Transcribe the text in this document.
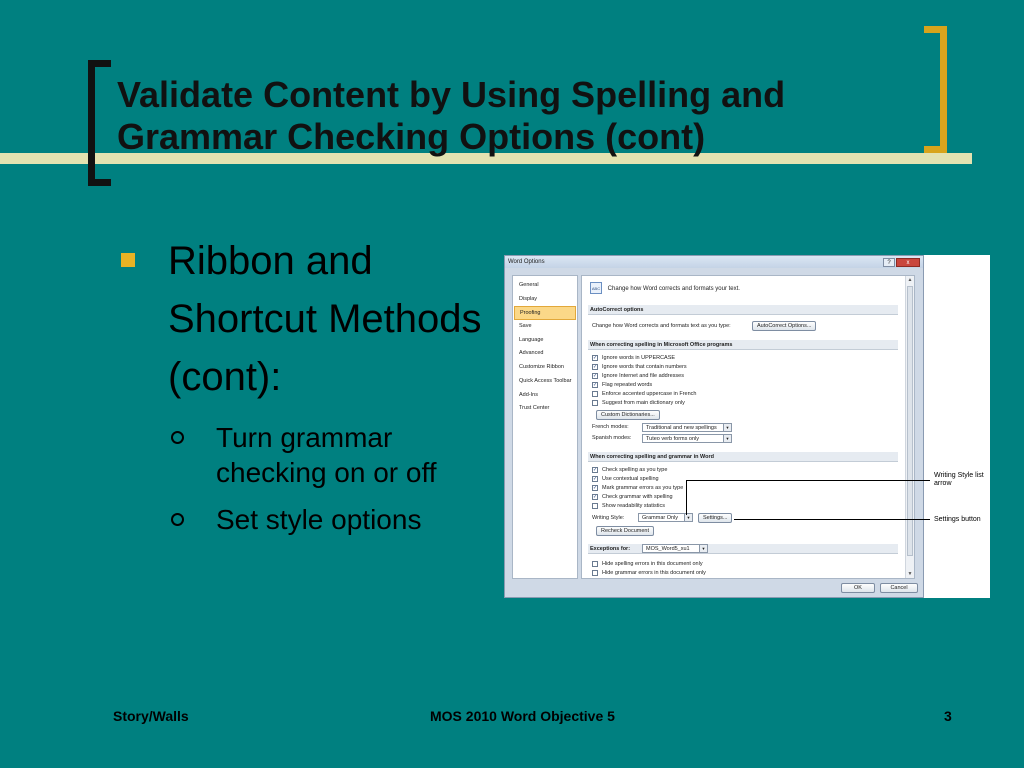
Validate Content by Using Spelling and Grammar Checking Options (cont)
Ribbon and Shortcut Methods (cont):
Turn grammar checking on or off
Set style options
Word Options	?	x
General
Display
Proofing
Save
Language
Advanced
Customize Ribbon
Quick Access Toolbar
Add-Ins
Trust Center
ABC Change how Word corrects and formats your text.
AutoCorrect options
Change how Word corrects and formats text as you type:	AutoCorrect Options...
When correcting spelling in Microsoft Office programs
✓ Ignore words in UPPERCASE
✓ Ignore words that contain numbers
✓ Ignore Internet and file addresses
✓ Flag repeated words
Enforce accented uppercase in French
Suggest from main dictionary only
Custom Dictionaries...
French modes:	Traditional and new spellings	▼
Spanish modes:	Tuteo verb forms only	▼
When correcting spelling and grammar in Word
✓ Check spelling as you type
✓ Use contextual spelling
✓ Mark grammar errors as you type
✓ Check grammar with spelling
Show readability statistics
Writing Style:	Grammar Only	▼	Settings...
Recheck Document
Exceptions for:	MOS_Word5_xu1	▼
Hide spelling errors in this document only
Hide grammar errors in this document only
▲
▼
OK	Cancel
Writing Style list arrow
Settings button
Story/Walls	MOS 2010 Word Objective 5	3
